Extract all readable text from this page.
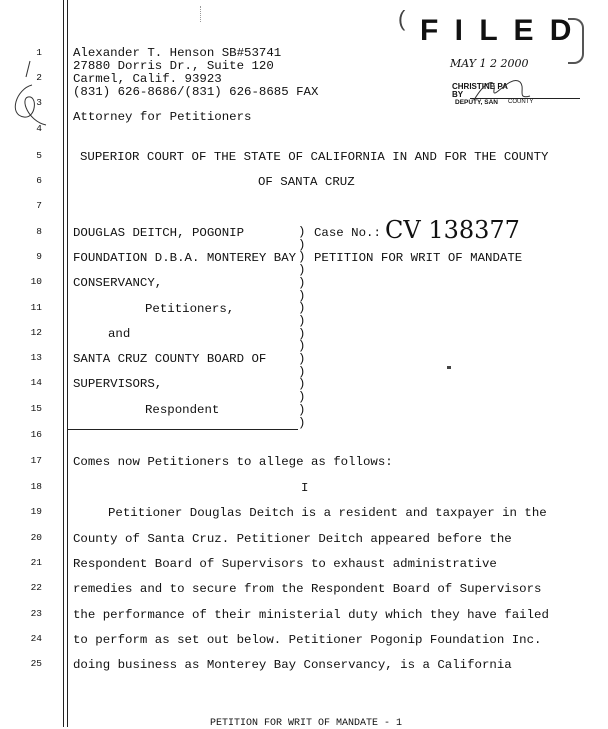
1
2
3
4
5
6
7
8
9
10
11
12
13
14
15
16
17
18
19
20
21
22
23
24
25
Alexander T. Henson SB#53741
27880 Dorris Dr., Suite 120
Carmel, Calif. 93923
(831) 626-8686/(831) 626-8685 FAX
Attorney for Petitioners
( F I L E D
MAY 1 2 2000
CHRISTINE PA
BY
DEPUTY, SAN COUNTY
SUPERIOR COURT OF THE STATE OF CALIFORNIA IN AND FOR THE COUNTY
OF SANTA CRUZ
DOUGLAS DEITCH, POGONIP
FOUNDATION D.B.A. MONTEREY BAY
CONSERVANCY,
Petitioners,
and
SANTA CRUZ COUNTY BOARD OF
SUPERVISORS,
Respondent
)
)
)
)
)
)
)
)
)
)
)
)
)
)
)
)
Case No.: CV 138377
PETITION FOR WRIT OF MANDATE
Comes now Petitioners to allege as follows:
I
Petitioner Douglas Deitch is a resident and taxpayer in the
County of Santa Cruz. Petitioner Deitch appeared before the
Respondent Board of Supervisors to exhaust administrative
remedies and to secure from the Respondent Board of Supervisors
the performance of their ministerial duty which they have failed
to perform as set out below. Petitioner Pogonip Foundation Inc.
doing business as Monterey Bay Conservancy, is a California
PETITION FOR WRIT OF MANDATE - 1
